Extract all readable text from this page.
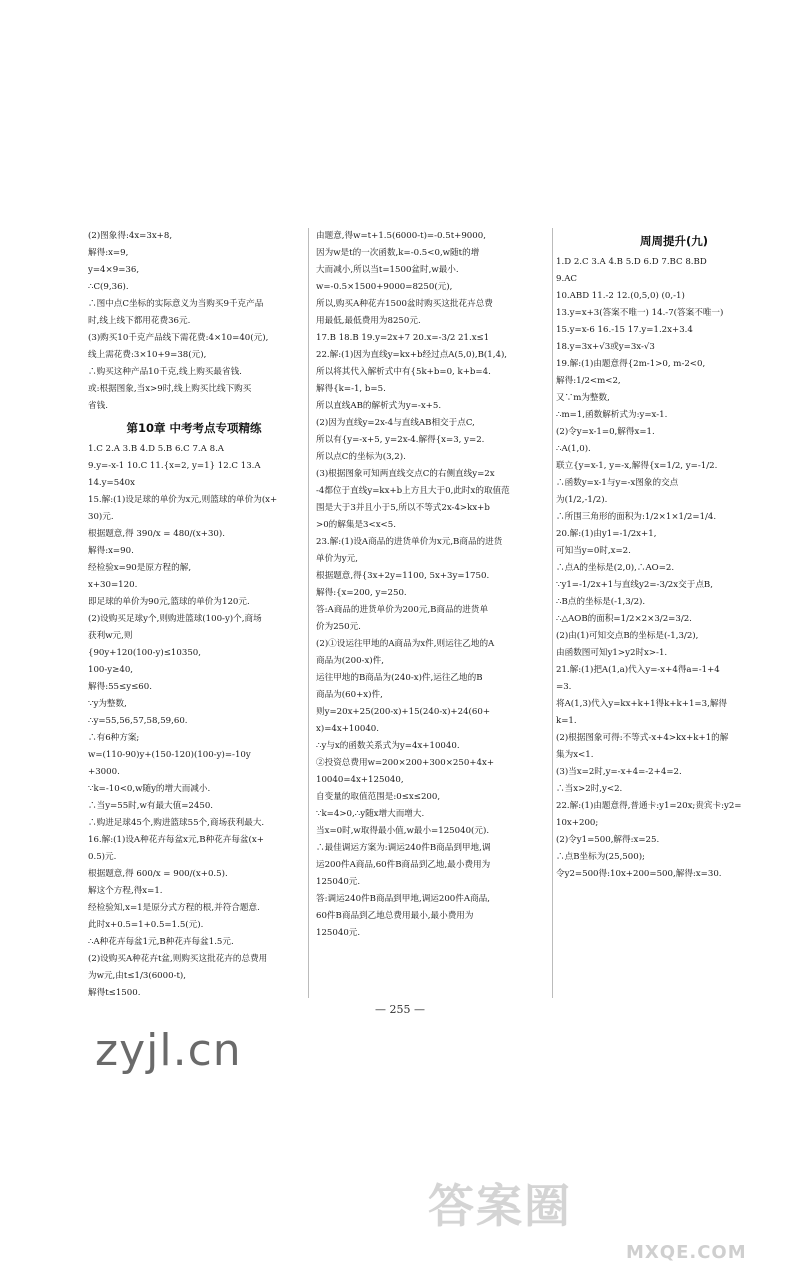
(2)图象得:4x=3x+8,
解得:x=9,
y=4×9=36,
∴C(9,36).
∴图中点C坐标的实际意义为当购买9千克产品
时,线上线下都用花费36元.
(3)购买10千克产品线下需花费:4×10=40(元),
线上需花费:3×10+9=38(元),
∴购买这种产品10千克,线上购买最省钱.
或:根据图象,当x>9时,线上购买比线下购买
省钱.
第10章 中考考点专项精练
1.C 2.A 3.B 4.D 5.B 6.C 7.A 8.A
9.y=-x-1 10.C 11.{x=2, y=1} 12.C 13.A
14.y=540x
15.解:(1)设足球的单价为x元,则篮球的单价为(x+
30)元.
根据题意,得 390/x = 480/(x+30).
解得:x=90.
经检验x=90是原方程的解,
x+30=120.
即足球的单价为90元,篮球的单价为120元.
(2)设购买足球y个,则购进篮球(100-y)个,商场
获利w元,则
{90y+120(100-y)≤10350,
100-y≥40,
解得:55≤y≤60.
∵y为整数,
∴y=55,56,57,58,59,60.
∴有6种方案;
w=(110-90)y+(150-120)(100-y)=-10y
+3000.
∵k=-10<0,w随y的增大而减小.
∴当y=55时,w有最大值=2450.
∴购进足球45个,购进篮球55个,商场获利最大.
16.解:(1)设A种花卉每盆x元,B种花卉每盆(x+
0.5)元.
根据题意,得 600/x = 900/(x+0.5).
解这个方程,得x=1.
经检验知,x=1是原分式方程的根,并符合题意.
此时x+0.5=1+0.5=1.5(元).
∴A种花卉每盆1元,B种花卉每盆1.5元.
(2)设购买A种花卉t盆,则购买这批花卉的总费用
为w元,由t≤1/3(6000-t),
解得t≤1500.
由题意,得w=t+1.5(6000-t)=-0.5t+9000,
因为w是t的一次函数,k=-0.5<0,w随t的增
大而减小,所以当t=1500盆时,w最小.
w=-0.5×1500+9000=8250(元),
所以,购买A种花卉1500盆时购买这批花卉总费
用最低,最低费用为8250元.
17.B 18.B 19.y=2x+7 20.x=-3/2 21.x≤1
22.解:(1)因为直线y=kx+b经过点A(5,0),B(1,4),
所以将其代入解析式中有{5k+b=0, k+b=4.
解得{k=-1, b=5.
所以直线AB的解析式为y=-x+5.
(2)因为直线y=2x-4与直线AB相交于点C,
所以有{y=-x+5, y=2x-4.解得{x=3, y=2.
所以点C的坐标为(3,2).
(3)根据图象可知两直线交点C的右侧直线y=2x
-4都位于直线y=kx+b上方且大于0,此时x的取值范
围是大于3并且小于5,所以不等式2x-4>kx+b
>0的解集是3<x<5.
23.解:(1)设A商品的进货单价为x元,B商品的进货
单价为y元,
根据题意,得{3x+2y=1100, 5x+3y=1750.
解得:{x=200, y=250.
答:A商品的进货单价为200元,B商品的进货单
价为250元.
(2)①设运往甲地的A商品为x件,则运往乙地的A
商品为(200-x)件,
运往甲地的B商品为(240-x)件,运往乙地的B
商品为(60+x)件,
则y=20x+25(200-x)+15(240-x)+24(60+
x)=4x+10040.
∴y与x的函数关系式为y=4x+10040.
②投资总费用w=200×200+300×250+4x+
10040=4x+125040,
自变量的取值范围是:0≤x≤200,
∵k=4>0,∴y随x增大而增大.
当x=0时,w取得最小值,w最小=125040(元).
∴最佳调运方案为:调运240件B商品到甲地,调
运200件A商品,60件B商品到乙地,最小费用为
125040元.
答:调运240件B商品到甲地,调运200件A商品,
60件B商品到乙地总费用最小,最小费用为
125040元.
周周提升(九)
1.D 2.C 3.A 4.B 5.D 6.D 7.BC 8.BD
9.AC
10.ABD 11.-2 12.(0,5,0) (0,-1)
13.y=x+3(答案不唯一) 14.-7(答案不唯一)
15.y=x-6 16.-15 17.y=1.2x+3.4
18.y=3x+√3或y=3x-√3
19.解:(1)由题意得{2m-1>0, m-2<0,
解得:1/2<m<2,
又∵m为整数,
∴m=1,函数解析式为:y=x-1.
(2)令y=x-1=0,解得x=1.
∴A(1,0).
联立{y=x-1, y=-x,解得{x=1/2, y=-1/2.
∴函数y=x-1与y=-x图象的交点
为(1/2,-1/2).
∴所围三角形的面积为:1/2×1×1/2=1/4.
20.解:(1)由y1=-1/2x+1,
可知当y=0时,x=2.
∴点A的坐标是(2,0),∴AO=2.
∵y1=-1/2x+1与直线y2=-3/2x交于点B,
∴B点的坐标是(-1,3/2).
∴△AOB的面积=1/2×2×3/2=3/2.
(2)由(1)可知交点B的坐标是(-1,3/2),
由函数图可知y1>y2时x>-1.
21.解:(1)把A(1,a)代入y=-x+4得a=-1+4
=3.
将A(1,3)代入y=kx+k+1得k+k+1=3,解得
k=1.
(2)根据图象可得:不等式-x+4>kx+k+1的解
集为x<1.
(3)当x=2时,y=-x+4=-2+4=2.
∴当x>2时,y<2.
22.解:(1)由题意得,普通卡:y1=20x;贵宾卡:y2=
10x+200;
(2)令y1=500,解得:x=25.
∴点B坐标为(25,500);
令y2=500得:10x+200=500,解得:x=30.
— 255 —
zyjl.cn
答案圈
MXQE.COM
